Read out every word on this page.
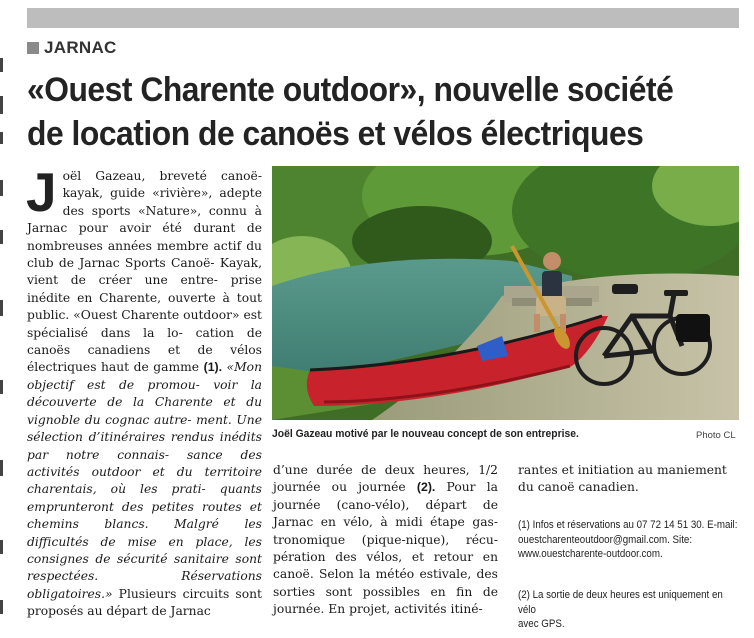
JARNAC
«Ouest Charente outdoor», nouvelle société
de location de canoës et vélos électriques
J oël Gazeau, breveté canoë- kayak, guide «rivière», adepte des sports «Nature», connu à Jarnac pour avoir été durant de nombreuses années membre actif du club de Jarnac Sports Canoë- Kayak, vient de créer une entre- prise inédite en Charente, ouverte à tout public. «Ouest Charente outdoor» est spécialisé dans la lo- cation de canoës canadiens et de vélos électriques haut de gamme (1). «Mon objectif est de promou- voir la découverte de la Charente et du vignoble du cognac autre- ment. Une sélection d’itinéraires rendus inédits par notre connais- sance des activités outdoor et du territoire charentais, où les prati- quants emprunteront des petites routes et chemins blancs. Malgré les difficultés de mise en place, les consignes de sécurité sanitaire sont respectées. Réservations obligatoires.» Plusieurs circuits sont proposés au départ de Jarnac
Joël Gazeau motivé par le nouveau concept de son entreprise.	Photo CL
d’une durée de deux heures, 1/2 journée ou journée (2). Pour la journée (cano-vélo), départ de Jarnac en vélo, à midi étape gas- tronomique (pique-nique), récu- pération des vélos, et retour en canoë. Selon la météo estivale, des sorties sont possibles en fin de journée. En projet, activités itiné-
rantes et initiation au maniement
du canoë canadien.
(1) Infos et réservations au 07 72 14 51 30. E-mail:
ouestcharenteoutdoor@gmail.com. Site:
www.ouestcharente-outdoor.com.
(2) La sortie de deux heures est uniquement en vélo
avec GPS.
